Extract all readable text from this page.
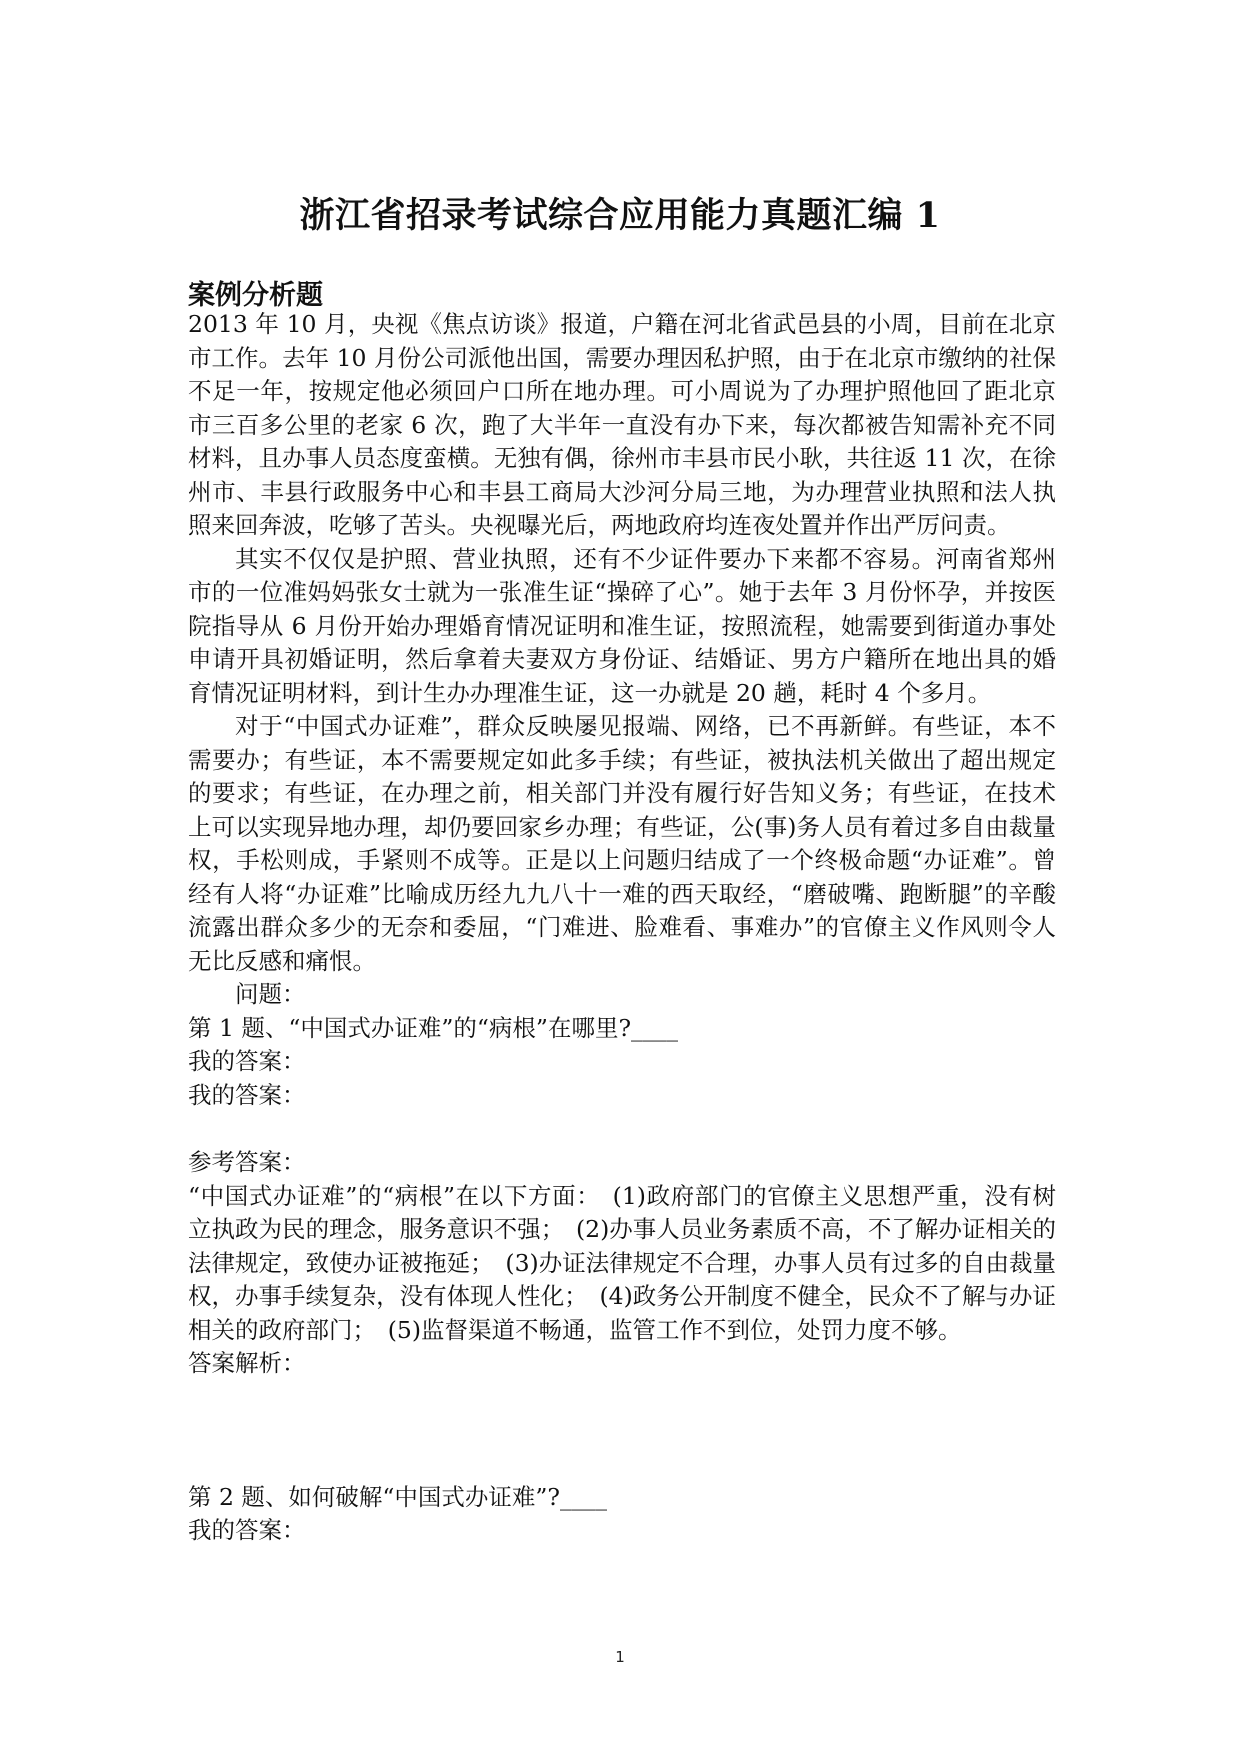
浙江省招录考试综合应用能力真题汇编 1
案例分析题

2013 年 10 月，央视《焦点访谈》报道，户籍在河北省武邑县的小周，目前在北京市工作。去年 10 月份公司派他出国，需要办理因私护照，由于在北京市缴纳的社保不足一年，按规定他必须回户口所在地办理。可小周说为了办理护照他回了距北京市三百多公里的老家 6 次，跑了大半年一直没有办下来，每次都被告知需补充不同材料，且办事人员态度蛮横。无独有偶，徐州市丰县市民小耿，共往返 11 次，在徐州市、丰县行政服务中心和丰县工商局大沙河分局三地，为办理营业执照和法人执照来回奔波，吃够了苦头。央视曝光后，两地政府均连夜处置并作出严厉问责。

其实不仅仅是护照、营业执照，还有不少证件要办下来都不容易。河南省郑州市的一位准妈妈张女士就为一张准生证“操碎了心”。她于去年 3 月份怀孕，并按医院指导从 6 月份开始办理婚育情况证明和准生证，按照流程，她需要到街道办事处申请开具初婚证明，然后拿着夫妻双方身份证、结婚证、男方户籍所在地出具的婚育情况证明材料，到计生办办理准生证，这一办就是 20 趟，耗时 4 个多月。

对于“中国式办证难”，群众反映屡见报端、网络，已不再新鲜。有些证，本不需要办；有些证，本不需要规定如此多手续；有些证，被执法机关做出了超出规定的要求；有些证，在办理之前，相关部门并没有履行好告知义务；有些证，在技术上可以实现异地办理，却仍要回家乡办理；有些证，公(事)务人员有着过多自由裁量权，手松则成，手紧则不成等。正是以上问题归结成了一个终极命题“办证难”。曾经有人将“办证难”比喻成历经九九八十一难的西天取经，“磨破嘴、跑断腿”的辛酸流露出群众多少的无奈和委屈，“门难进、脸难看、事难办”的官僚主义作风则令人无比反感和痛恨。

问题：

第 1 题、“中国式办证难”的“病根”在哪里?____

我的答案：

我的答案：

参考答案：

“中国式办证难”的“病根”在以下方面：　(1)政府部门的官僚主义思想严重，没有树立执政为民的理念，服务意识不强；　(2)办事人员业务素质不高，不了解办证相关的法律规定，致使办证被拖延；　(3)办证法律规定不合理，办事人员有过多的自由裁量权，办事手续复杂，没有体现人性化；　(4)政务公开制度不健全，民众不了解与办证相关的政府部门；　(5)监督渠道不畅通，监管工作不到位，处罚力度不够。

答案解析：

第 2 题、如何破解“中国式办证难”?____

我的答案：

1
